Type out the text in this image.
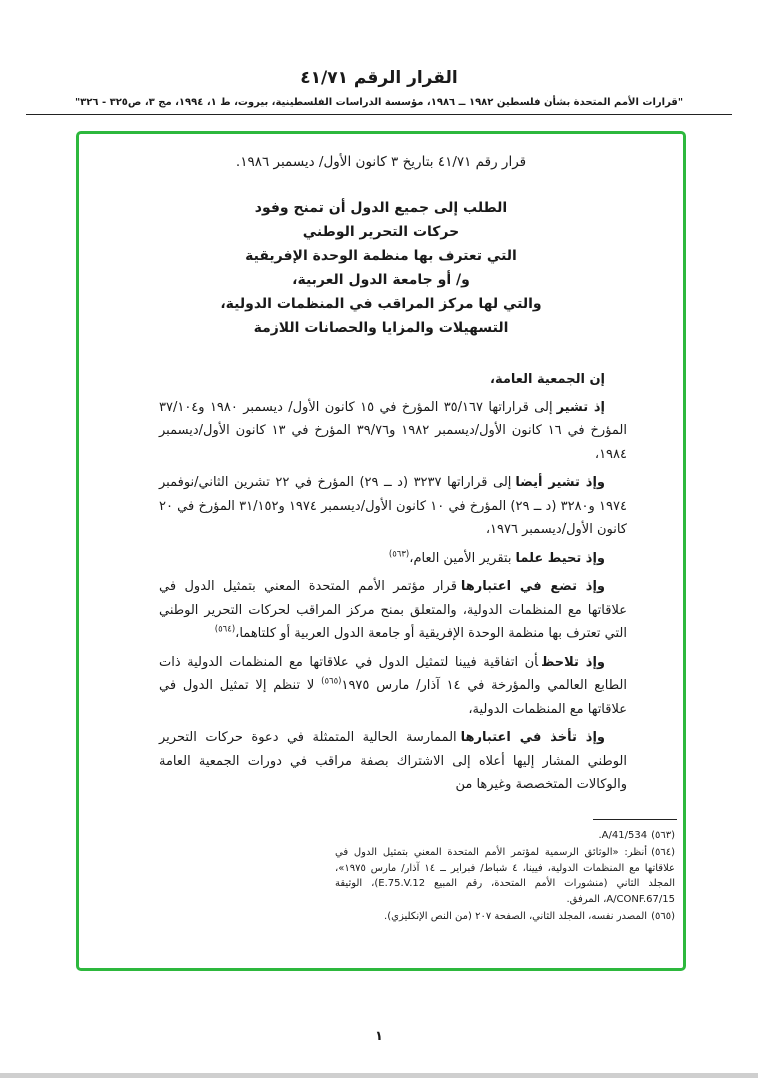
القرار الرقم ٤١/٧١
"قرارات الأمم المتحدة بشأن فلسطين ١٩٨٢ ــ ١٩٨٦، مؤسسة الدراسات الفلسطينية، بيروت، ط ١، ١٩٩٤، مج ٣، ص٣٢٥ - ٣٢٦"
قرار رقم ٤١/٧١ بتاريخ ٣ كانون الأول/ ديسمبر ١٩٨٦.
الطلب إلى جميع الدول أن تمنح وفود
حركات التحرير الوطني
التي تعترف بها منظمة الوحدة الإفريقية
و/ أو جامعة الدول العربية،
والتي لها مركز المراقب في المنظمات الدولية،
التسهيلات والمزايا والحصانات اللازمة

إن الجمعية العامة،

إذ تشيرإلى قراراتها ٣٥/١٦٧ المؤرخ في ١٥ كانون الأول/ ديسمبر ١٩٨٠ و٣٧/١٠٤ المؤرخ في ١٦ كانون الأول/ديسمبر ١٩٨٢ و٣٩/٧٦ المؤرخ في ١٣ كانون الأول/ديسمبر ١٩٨٤،

وإذ تشير أيضاإلى قراراتها ٣٢٣٧ (د ــ ٢٩) المؤرخ في ٢٢ تشرين الثاني/نوفمبر ١٩٧٤ و٣٢٨٠ (د ــ ٢٩) المؤرخ في ١٠ كانون الأول/ديسمبر ١٩٧٤ و٣١/١٥٢ المؤرخ في ٢٠ كانون الأول/ديسمبر ١٩٧٦،

وإذ تحيط علمابتقرير الأمين العام،$^{(٥٦٣)}$

وإذ تضع في اعتبارهاقرار مؤتمر الأمم المتحدة المعني بتمثيل الدول في علاقاتها مع المنظمات الدولية، والمتعلق بمنح مركز المراقب لحركات التحرير الوطني التي تعترف بها منظمة الوحدة الإفريقية أو جامعة الدول العربية أو كلتاهما،$^{(٥٦٤)}$

وإذ تلاحظأن اتفاقية فيينا لتمثيل الدول في علاقاتها مع المنظمات الدولية ذات الطابع العالمي والمؤرخة في ١٤ آذار/ مارس ١٩٧٥$^{(٥٦٥)}$ لا تنظم إلا تمثيل الدول في علاقاتها مع المنظمات الدولية،

وإذ تأخذ في اعتبارهاالممارسة الحالية المتمثلة في دعوة حركات التحرير الوطني المشار إليها أعلاه إلى الاشتراك بصفة مراقب في دورات الجمعية العامة والوكالات المتخصصة وغيرها من

(٥٦٣)A/41/534.

(٥٦٤)أنظر: «الوثائق الرسمية لمؤتمر الأمم المتحدة المعني بتمثيل الدول في علاقاتها مع المنظمات الدولية، فيينا، ٤ شباط/ فبراير ــ ١٤ آذار/ مارس ١٩٧٥»، المجلد الثاني (منشورات الأمم المتحدة، رقم المبيع E.75.V.12)، الوثيقة A/CONF.67/15، المرفق.

(٥٦٥)المصدر نفسه، المجلد الثاني، الصفحة ٢٠٧ (من النص الإنكليزي).

١
